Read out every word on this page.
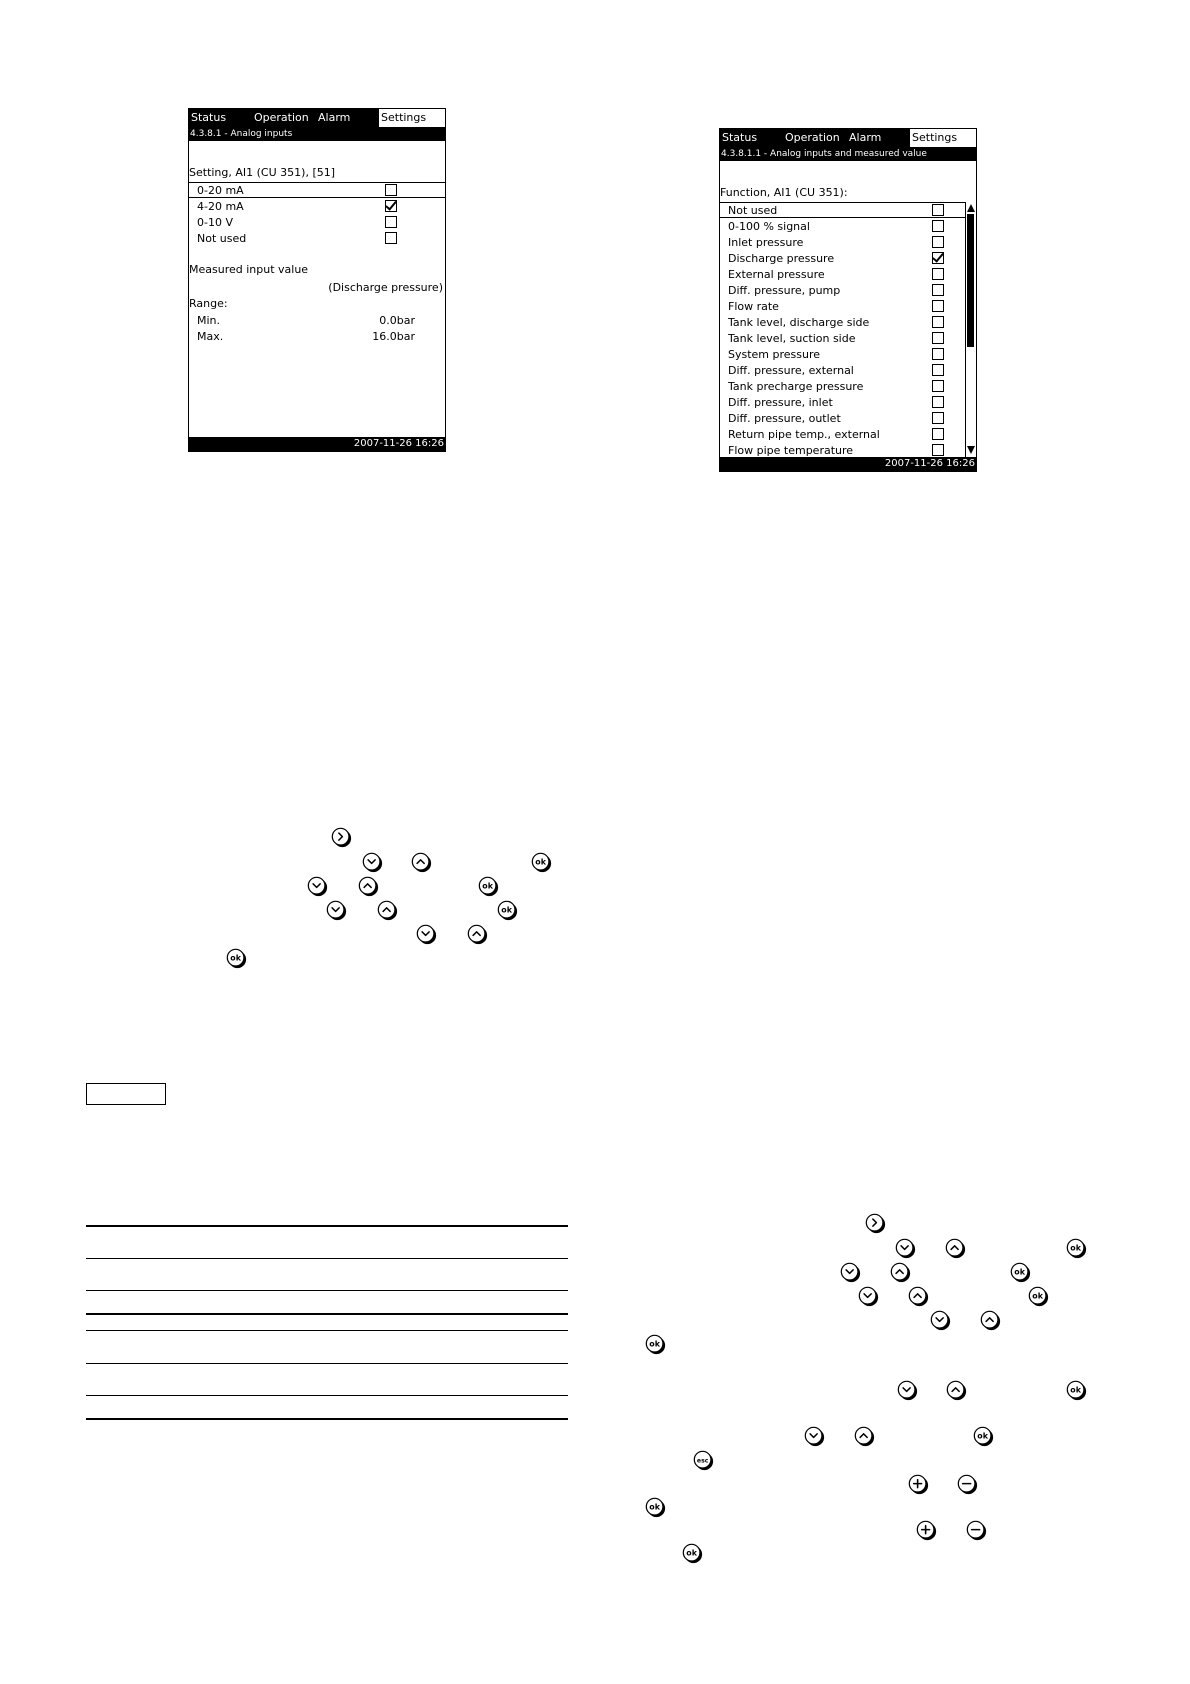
Status	Operation Alarm	Settings
4.3.8.1 - Analog inputs
Setting, AI1 (CU 351), [51]
0-20 mA
4-20 mA
0-10 V
Not used
Measured input value
(Discharge pressure)
Range:
Min.	0.0bar
Max.	16.0bar
2007-11-26 16:26
Status	Operation Alarm	Settings
4.3.8.1.1 - Analog inputs and measured value
Function, AI1 (CU 351):
Not used
0-100 % signal
Inlet pressure
Discharge pressure
External pressure
Diff. pressure, pump
Flow rate
Tank level, discharge side
Tank level, suction side
System pressure
Diff. pressure, external
Tank precharge pressure
Diff. pressure, inlet
Diff. pressure, outlet
Return pipe temp., external
Flow pipe temperature
2007-11-26 16:26
ok
ok
ok
ok
ok
ok
ok
ok
ok
ok
esc
ok
ok
